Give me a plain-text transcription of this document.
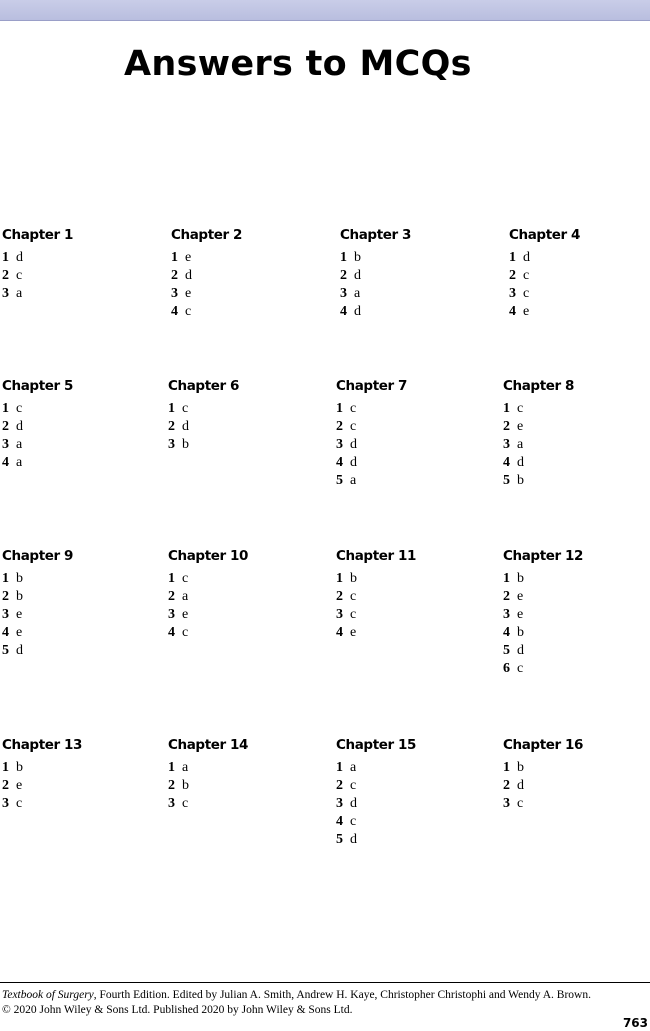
Answers to MCQs
Chapter 1
1 d
2 c
3 a
Chapter 2
1 e
2 d
3 e
4 c
Chapter 3
1 b
2 d
3 a
4 d
Chapter 4
1 d
2 c
3 c
4 e
Chapter 5
1 c
2 d
3 a
4 a
Chapter 6
1 c
2 d
3 b
Chapter 7
1 c
2 c
3 d
4 d
5 a
Chapter 8
1 c
2 e
3 a
4 d
5 b
Chapter 9
1 b
2 b
3 e
4 e
5 d
Chapter 10
1 c
2 a
3 e
4 c
Chapter 11
1 b
2 c
3 c
4 e
Chapter 12
1 b
2 e
3 e
4 b
5 d
6 c
Chapter 13
1 b
2 e
3 c
Chapter 14
1 a
2 b
3 c
Chapter 15
1 a
2 c
3 d
4 c
5 d
Chapter 16
1 b
2 d
3 c
Textbook of Surgery, Fourth Edition. Edited by Julian A. Smith, Andrew H. Kaye, Christopher Christophi and Wendy A. Brown.
© 2020 John Wiley & Sons Ltd. Published 2020 by John Wiley & Sons Ltd.
763
